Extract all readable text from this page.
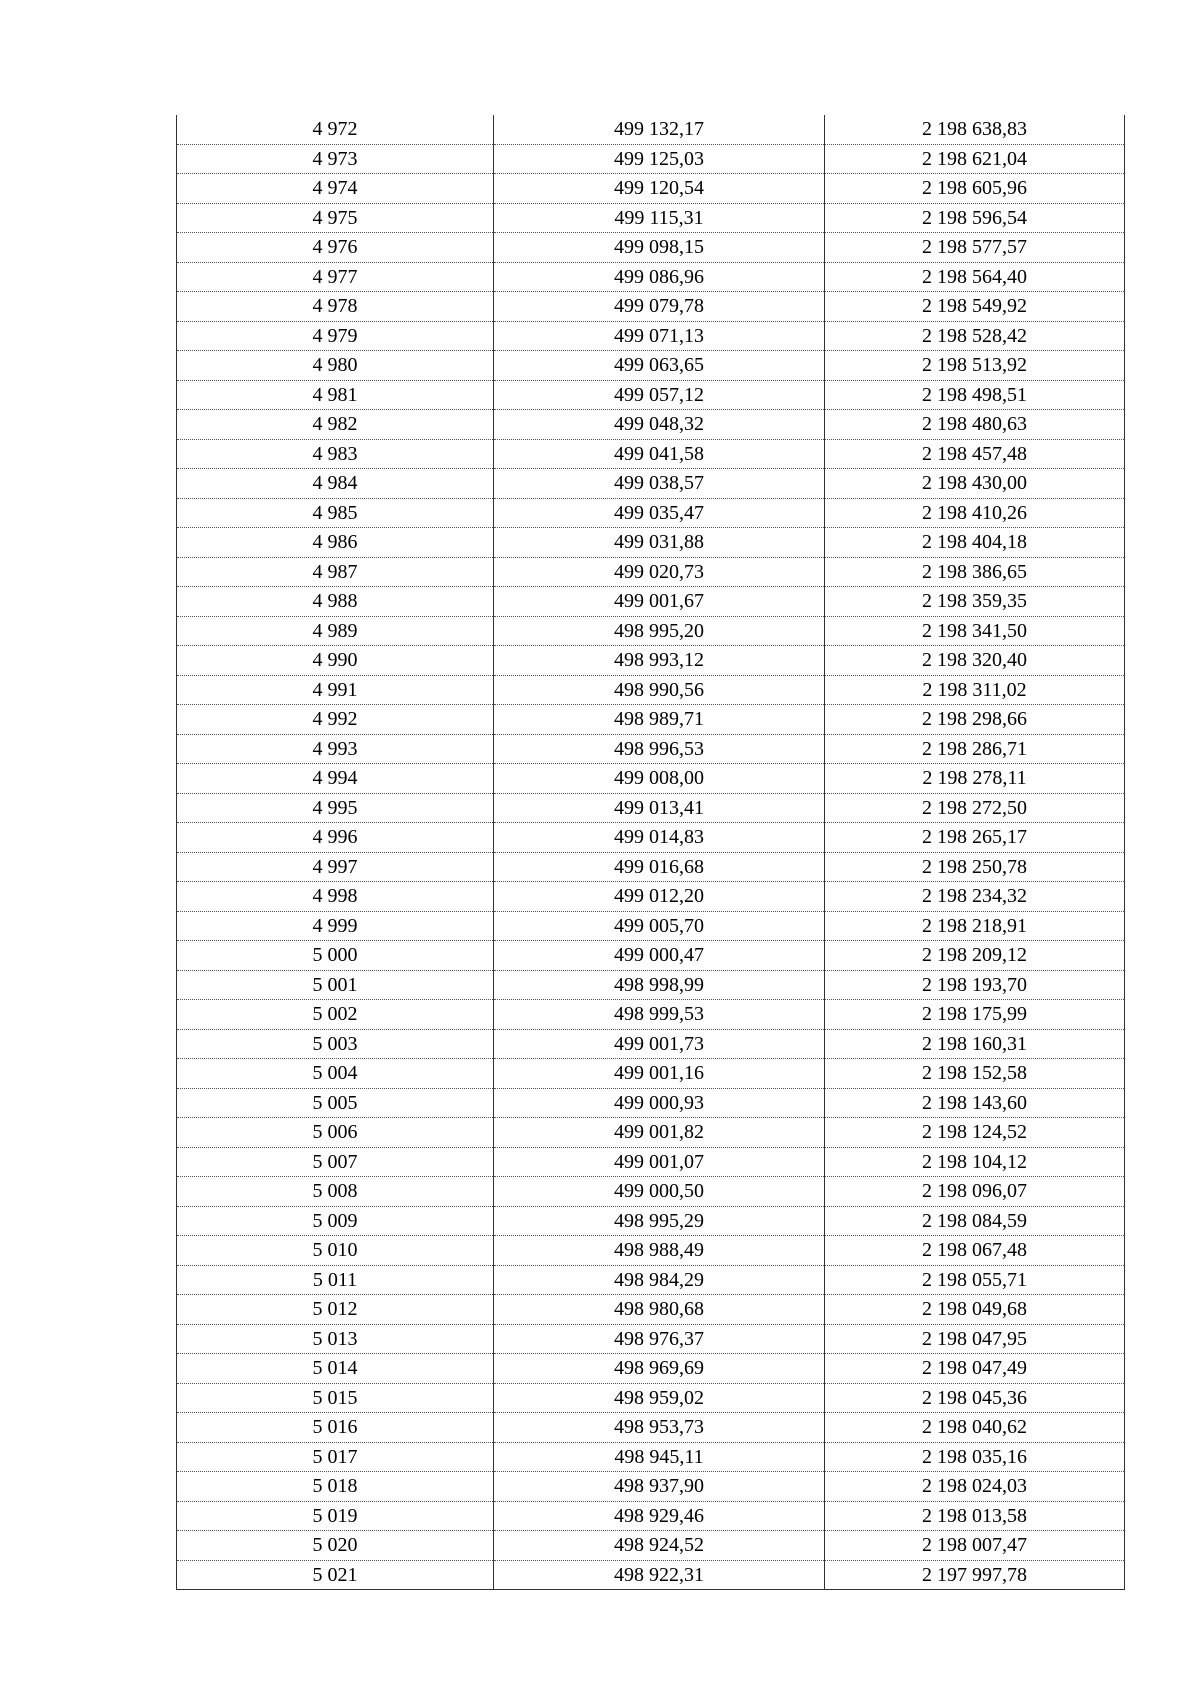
4 972	499 132,17	2 198 638,83
4 973	499 125,03	2 198 621,04
4 974	499 120,54	2 198 605,96
4 975	499 115,31	2 198 596,54
4 976	499 098,15	2 198 577,57
4 977	499 086,96	2 198 564,40
4 978	499 079,78	2 198 549,92
4 979	499 071,13	2 198 528,42
4 980	499 063,65	2 198 513,92
4 981	499 057,12	2 198 498,51
4 982	499 048,32	2 198 480,63
4 983	499 041,58	2 198 457,48
4 984	499 038,57	2 198 430,00
4 985	499 035,47	2 198 410,26
4 986	499 031,88	2 198 404,18
4 987	499 020,73	2 198 386,65
4 988	499 001,67	2 198 359,35
4 989	498 995,20	2 198 341,50
4 990	498 993,12	2 198 320,40
4 991	498 990,56	2 198 311,02
4 992	498 989,71	2 198 298,66
4 993	498 996,53	2 198 286,71
4 994	499 008,00	2 198 278,11
4 995	499 013,41	2 198 272,50
4 996	499 014,83	2 198 265,17
4 997	499 016,68	2 198 250,78
4 998	499 012,20	2 198 234,32
4 999	499 005,70	2 198 218,91
5 000	499 000,47	2 198 209,12
5 001	498 998,99	2 198 193,70
5 002	498 999,53	2 198 175,99
5 003	499 001,73	2 198 160,31
5 004	499 001,16	2 198 152,58
5 005	499 000,93	2 198 143,60
5 006	499 001,82	2 198 124,52
5 007	499 001,07	2 198 104,12
5 008	499 000,50	2 198 096,07
5 009	498 995,29	2 198 084,59
5 010	498 988,49	2 198 067,48
5 011	498 984,29	2 198 055,71
5 012	498 980,68	2 198 049,68
5 013	498 976,37	2 198 047,95
5 014	498 969,69	2 198 047,49
5 015	498 959,02	2 198 045,36
5 016	498 953,73	2 198 040,62
5 017	498 945,11	2 198 035,16
5 018	498 937,90	2 198 024,03
5 019	498 929,46	2 198 013,58
5 020	498 924,52	2 198 007,47
5 021	498 922,31	2 197 997,78
